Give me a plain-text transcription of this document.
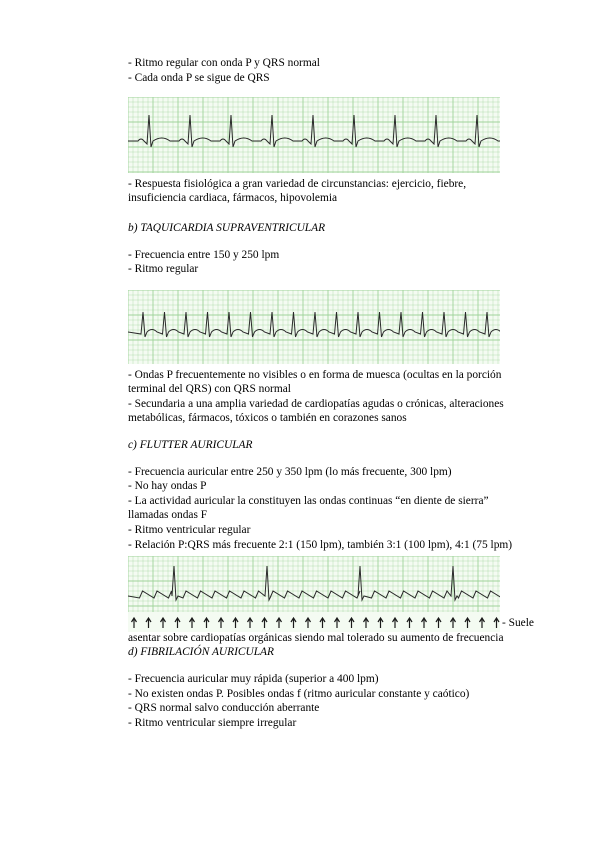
- Ritmo regular con onda P y QRS normal
- Cada onda P se sigue de QRS
- Respuesta fisiológica a gran variedad de circunstancias: ejercicio, fiebre,
insuficiencia cardiaca, fármacos, hipovolemia
b) TAQUICARDIA SUPRAVENTRICULAR
- Frecuencia entre 150 y 250 lpm
- Ritmo regular
- Ondas P frecuentemente no visibles o en forma de muesca (ocultas en la porción
terminal del QRS) con QRS normal
- Secundaria a una amplia variedad de cardiopatías agudas o crónicas, alteraciones
metabólicas, fármacos, tóxicos o también en corazones sanos
c) FLUTTER AURICULAR
- Frecuencia auricular entre 250 y 350 lpm (lo más frecuente, 300 lpm)
- No hay ondas P
- La actividad auricular la constituyen las ondas continuas “en diente de sierra”
llamadas ondas F
- Ritmo ventricular regular
- Relación P:QRS más frecuente 2:1 (150 lpm), también 3:1 (100 lpm), 4:1 (75 lpm)
- Suele
asentar sobre cardiopatías orgánicas siendo mal tolerado su aumento de frecuencia
d) FIBRILACIÓN AURICULAR
- Frecuencia auricular muy rápida (superior a 400 lpm)
- No existen ondas P. Posibles ondas f (ritmo auricular constante y caótico)
- QRS normal salvo conducción aberrante
- Ritmo ventricular siempre irregular
